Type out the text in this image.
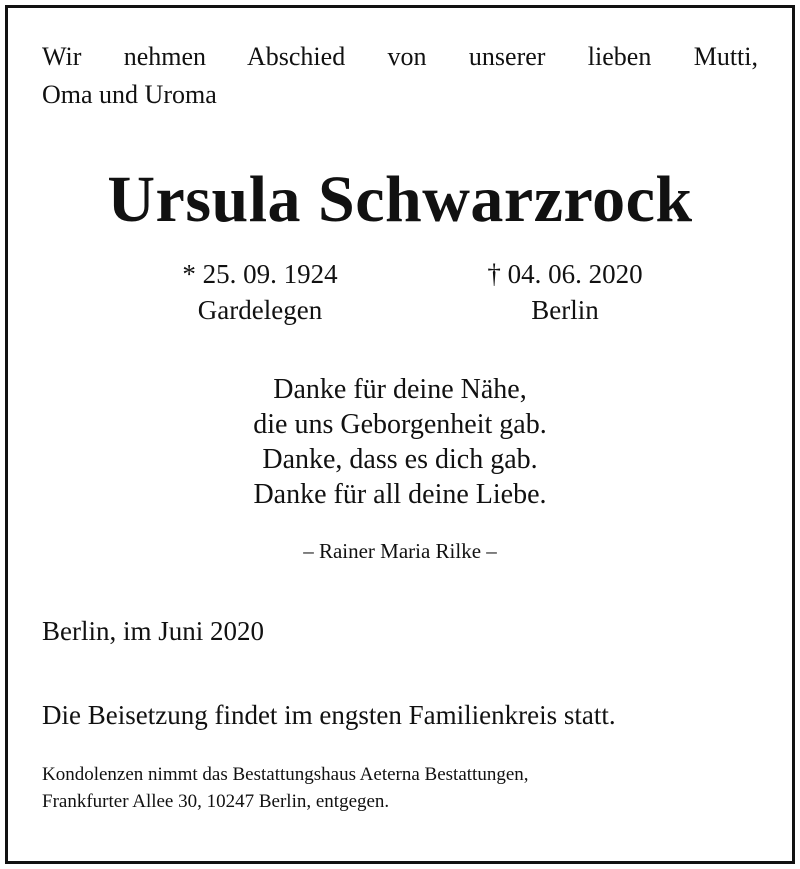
Wir nehmen Abschied von unserer lieben Mutti,
Oma und Uroma

Ursula Schwarzrock
* 25. 09. 1924
Gardelegen
† 04. 06. 2020
Berlin
Danke für deine Nähe,
die uns Geborgenheit gab.
Danke, dass es dich gab.
Danke für all deine Liebe.
– Rainer Maria Rilke –
Berlin, im Juni 2020
Die Beisetzung findet im engsten Familienkreis statt.
Kondolenzen nimmt das Bestattungshaus Aeterna Bestattungen,
Frankfurter Allee 30, 10247 Berlin, entgegen.
